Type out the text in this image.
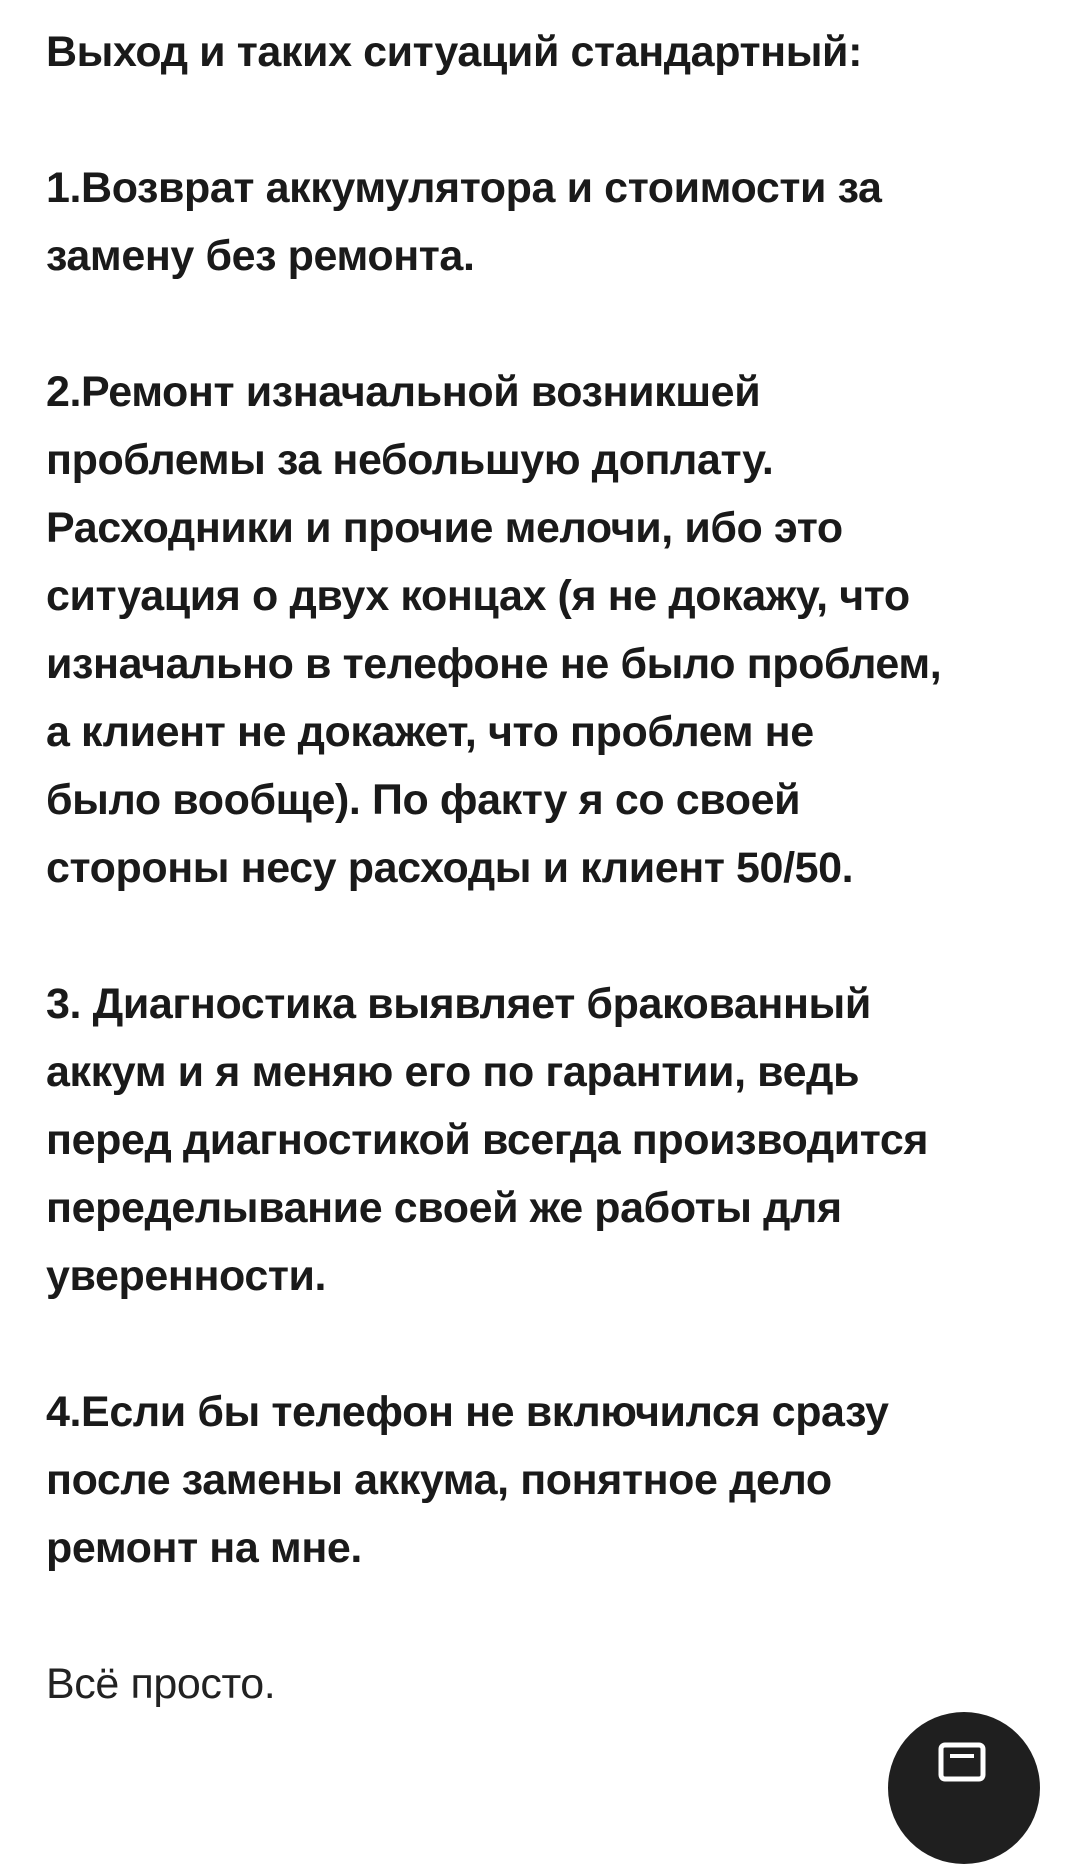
Выход и таких ситуаций стандартный:
1.Возврат аккумулятора и стоимости за
замену без ремонта.
2.Ремонт изначальной возникшей
проблемы за небольшую доплату.
Расходники и прочие мелочи, ибо это
ситуация о двух концах (я не докажу, что
изначально в телефоне не было проблем,
а клиент не докажет, что проблем не
было вообще). По факту я со своей
стороны несу расходы и клиент 50/50.
3. Диагностика выявляет бракованный
аккум и я меняю его по гарантии, ведь
перед диагностикой всегда производится
переделывание своей же работы для
уверенности.
4.Если бы телефон не включился сразу
после замены аккума, понятное дело
ремонт на мне.
Всё просто.
